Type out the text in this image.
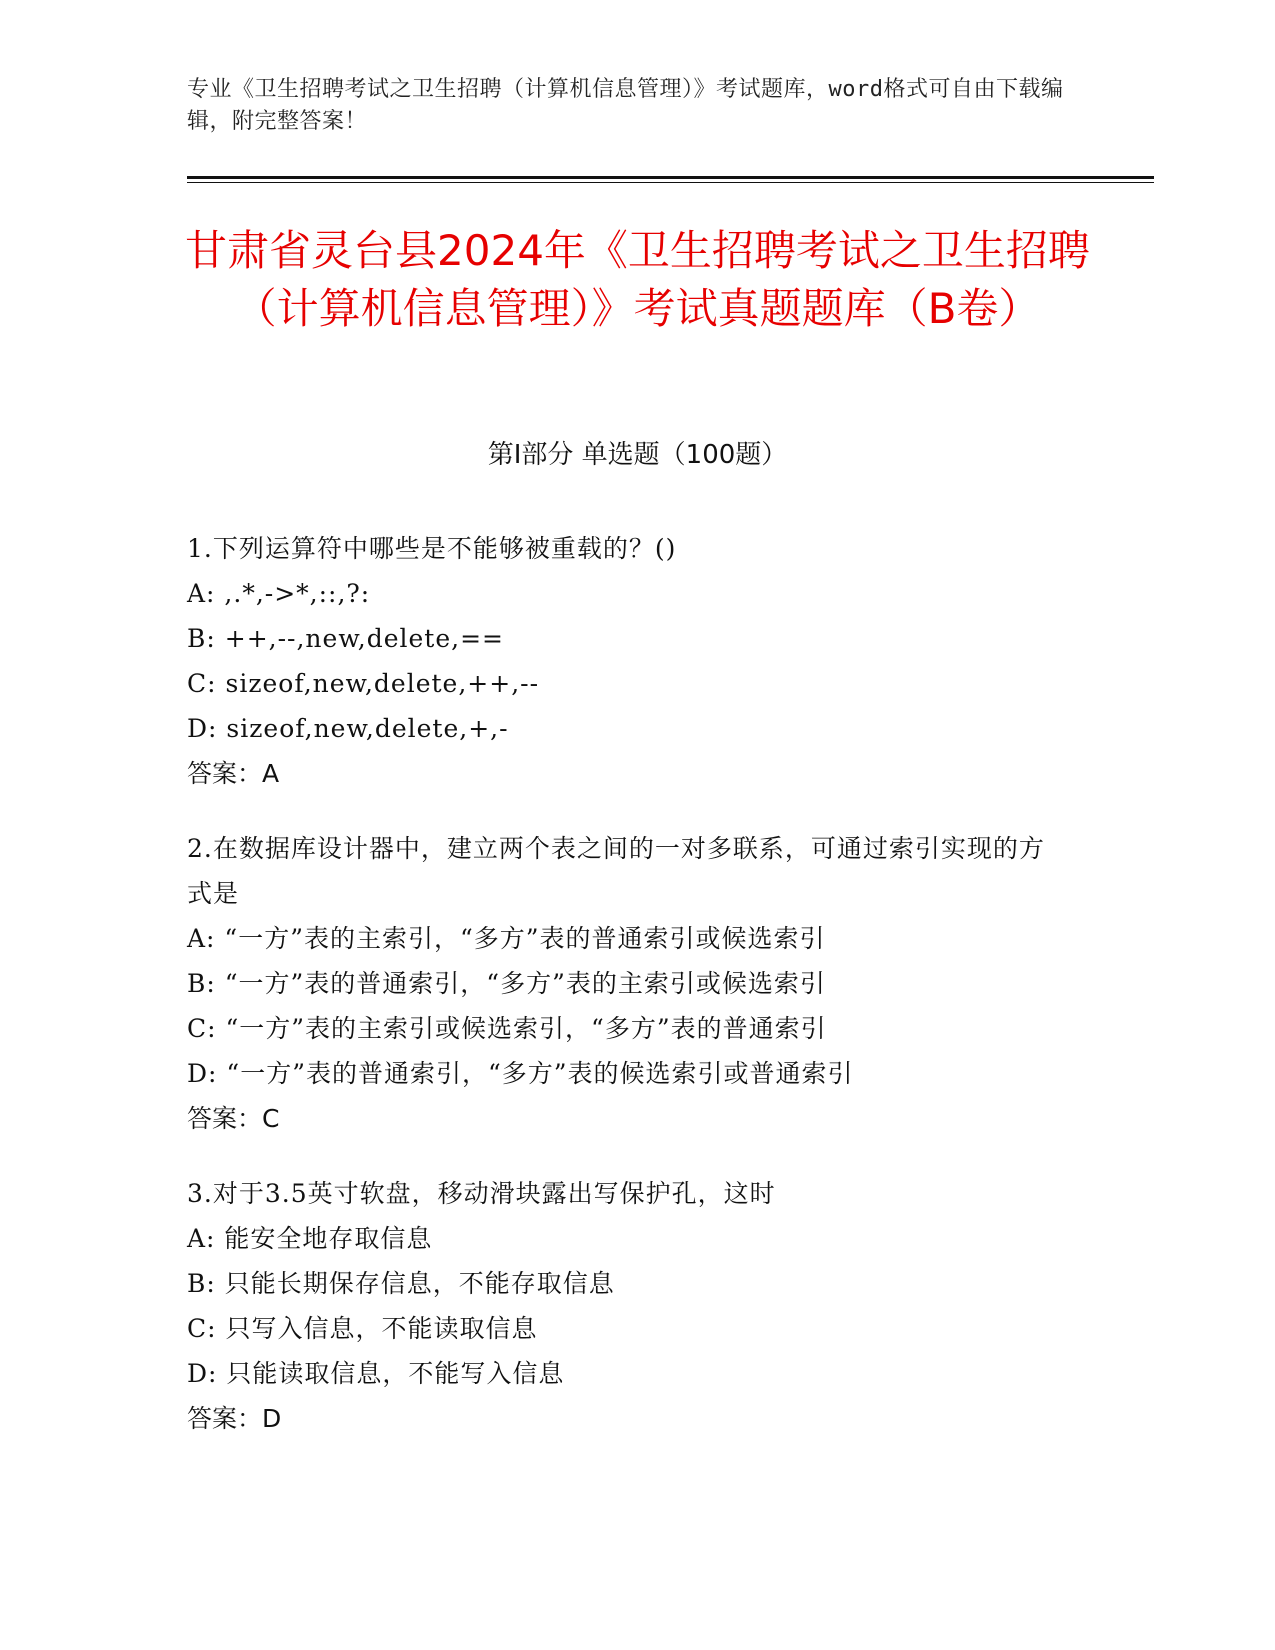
专业《卫生招聘考试之卫生招聘（计算机信息管理）》考试题库，word格式可自由下载编辑，附完整答案！
甘肃省灵台县2024年《卫生招聘考试之卫生招聘（计算机信息管理）》考试真题题库（B卷）
第Ⅰ部分 单选题（100题）
1.下列运算符中哪些是不能够被重载的？()
A: ,.*,->*,::,?:
B: ++,--,new,delete,==
C: sizeof,new,delete,++,--
D: sizeof,new,delete,+,-
答案：A
2.在数据库设计器中，建立两个表之间的一对多联系，可通过索引实现的方式是
A: “一方”表的主索引，“多方”表的普通索引或候选索引
B: “一方”表的普通索引，“多方”表的主索引或候选索引
C: “一方”表的主索引或候选索引，“多方”表的普通索引
D: “一方”表的普通索引，“多方”表的候选索引或普通索引
答案：C
3.对于3.5英寸软盘，移动滑块露出写保护孔，这时
A: 能安全地存取信息
B: 只能长期保存信息，不能存取信息
C: 只写入信息，不能读取信息
D: 只能读取信息，不能写入信息
答案：D
